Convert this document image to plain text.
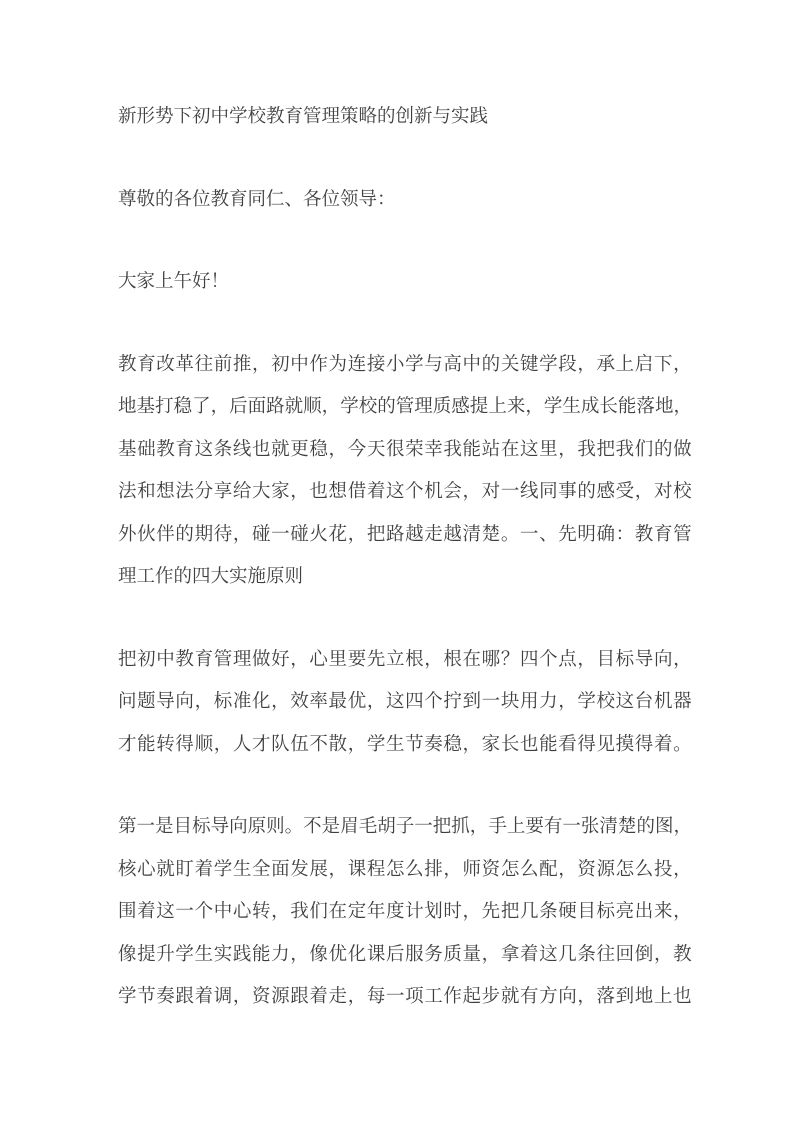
新形势下初中学校教育管理策略的创新与实践
尊敬的各位教育同仁、各位领导：
大家上午好！
教 育 改 革 往 前 推 ， 初 中 作 为 连 接 小 学 与 高 中 的 关 键 学 段 ， 承 上 启 下 ，
地 基 打 稳 了 ， 后 面 路 就 顺 ， 学 校 的 管 理 质 感 提 上 来 ， 学 生 成 长 能 落 地 ，
基 础 教 育 这 条 线 也 就 更 稳 ， 今 天 很 荣 幸 我 能 站 在 这 里 ， 我 把 我 们 的 做
法 和 想 法 分 享 给 大 家 ， 也 想 借 着 这 个 机 会 ， 对 一 线 同 事 的 感 受 ， 对 校
外 伙 伴 的 期 待 ， 碰 一 碰 火 花 ， 把 路 越 走 越 清 楚 。 一 、 先 明 确 ： 教 育 管
理工作的四大实施原则
把 初 中 教 育 管 理 做 好 ， 心 里 要 先 立 根 ， 根 在 哪 ？ 四 个 点 ， 目 标 导 向 ，
问 题 导 向 ， 标 准 化 ， 效 率 最 优 ， 这 四 个 拧 到 一 块 用 力 ， 学 校 这 台 机 器
才 能 转 得 顺 ， 人 才 队 伍 不 散 ， 学 生 节 奏 稳 ， 家 长 也 能 看 得 见 摸 得 着 。
第 一 是 目 标 导 向 原 则 。 不 是 眉 毛 胡 子 一 把 抓 ， 手 上 要 有 一 张 清 楚 的 图 ，
核 心 就 盯 着 学 生 全 面 发 展 ， 课 程 怎 么 排 ， 师 资 怎 么 配 ， 资 源 怎 么 投 ，
围 着 这 一 个 中 心 转 ， 我 们 在 定 年 度 计 划 时 ， 先 把 几 条 硬 目 标 亮 出 来 ，
像 提 升 学 生 实 践 能 力 ， 像 优 化 课 后 服 务 质 量 ， 拿 着 这 几 条 往 回 倒 ， 教
学 节 奏 跟 着 调 ， 资 源 跟 着 走 ， 每 一 项 工 作 起 步 就 有 方 向 ， 落 到 地 上 也
